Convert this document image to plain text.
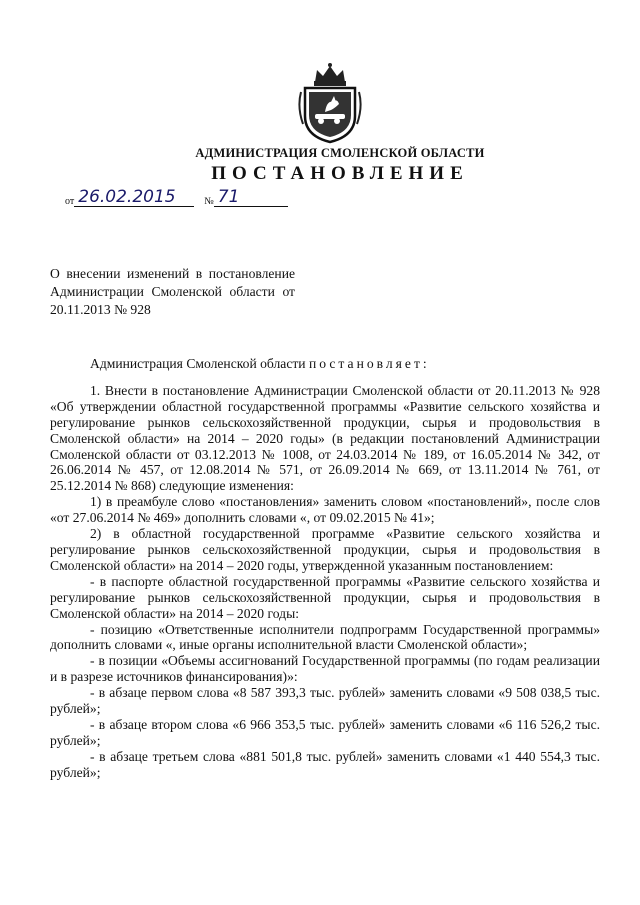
АДМИНИСТРАЦИЯ СМОЛЕНСКОЙ ОБЛАСТИ
ПОСТАНОВЛЕНИЕ
от 26.02.2015	№ 71
О внесении изменений в постановление Администрации Смоленской области от 20.11.2013 № 928

Администрация Смоленской области постановляет:

1. Внести в постановление Администрации Смоленской области от 20.11.2013 № 928 «Об утверждении областной государственной программы «Развитие сельского хозяйства и регулирование рынков сельскохозяйственной продукции, сырья и продовольствия в Смоленской области» на 2014 – 2020 годы» (в редакции постановлений Администрации Смоленской области от 03.12.2013 № 1008, от 24.03.2014 № 189, от 16.05.2014 № 342, от 26.06.2014 № 457, от 12.08.2014 № 571, от 26.09.2014 № 669, от 13.11.2014 № 761, от 25.12.2014 № 868) следующие изменения:

1) в преамбуле слово «постановления» заменить словом «постановлений», после слов «от 27.06.2014 № 469» дополнить словами «, от 09.02.2015 № 41»;

2) в областной государственной программе «Развитие сельского хозяйства и регулирование рынков сельскохозяйственной продукции, сырья и продовольствия в Смоленской области» на 2014 – 2020 годы, утвержденной указанным постановлением:

- в паспорте областной государственной программы «Развитие сельского хозяйства и регулирование рынков сельскохозяйственной продукции, сырья и продовольствия в Смоленской области» на 2014 – 2020 годы:

- позицию «Ответственные исполнители подпрограмм Государственной программы» дополнить словами «, иные органы исполнительной власти Смоленской области»;

- в позиции «Объемы ассигнований Государственной программы (по годам реализации и в разрезе источников финансирования)»:

- в абзаце первом слова «8 587 393,3 тыс. рублей» заменить словами «9 508 038,5 тыс. рублей»;

- в абзаце втором слова «6 966 353,5 тыс. рублей» заменить словами «6 116 526,2 тыс. рублей»;

- в абзаце третьем слова «881 501,8 тыс. рублей» заменить словами «1 440 554,3 тыс. рублей»;
